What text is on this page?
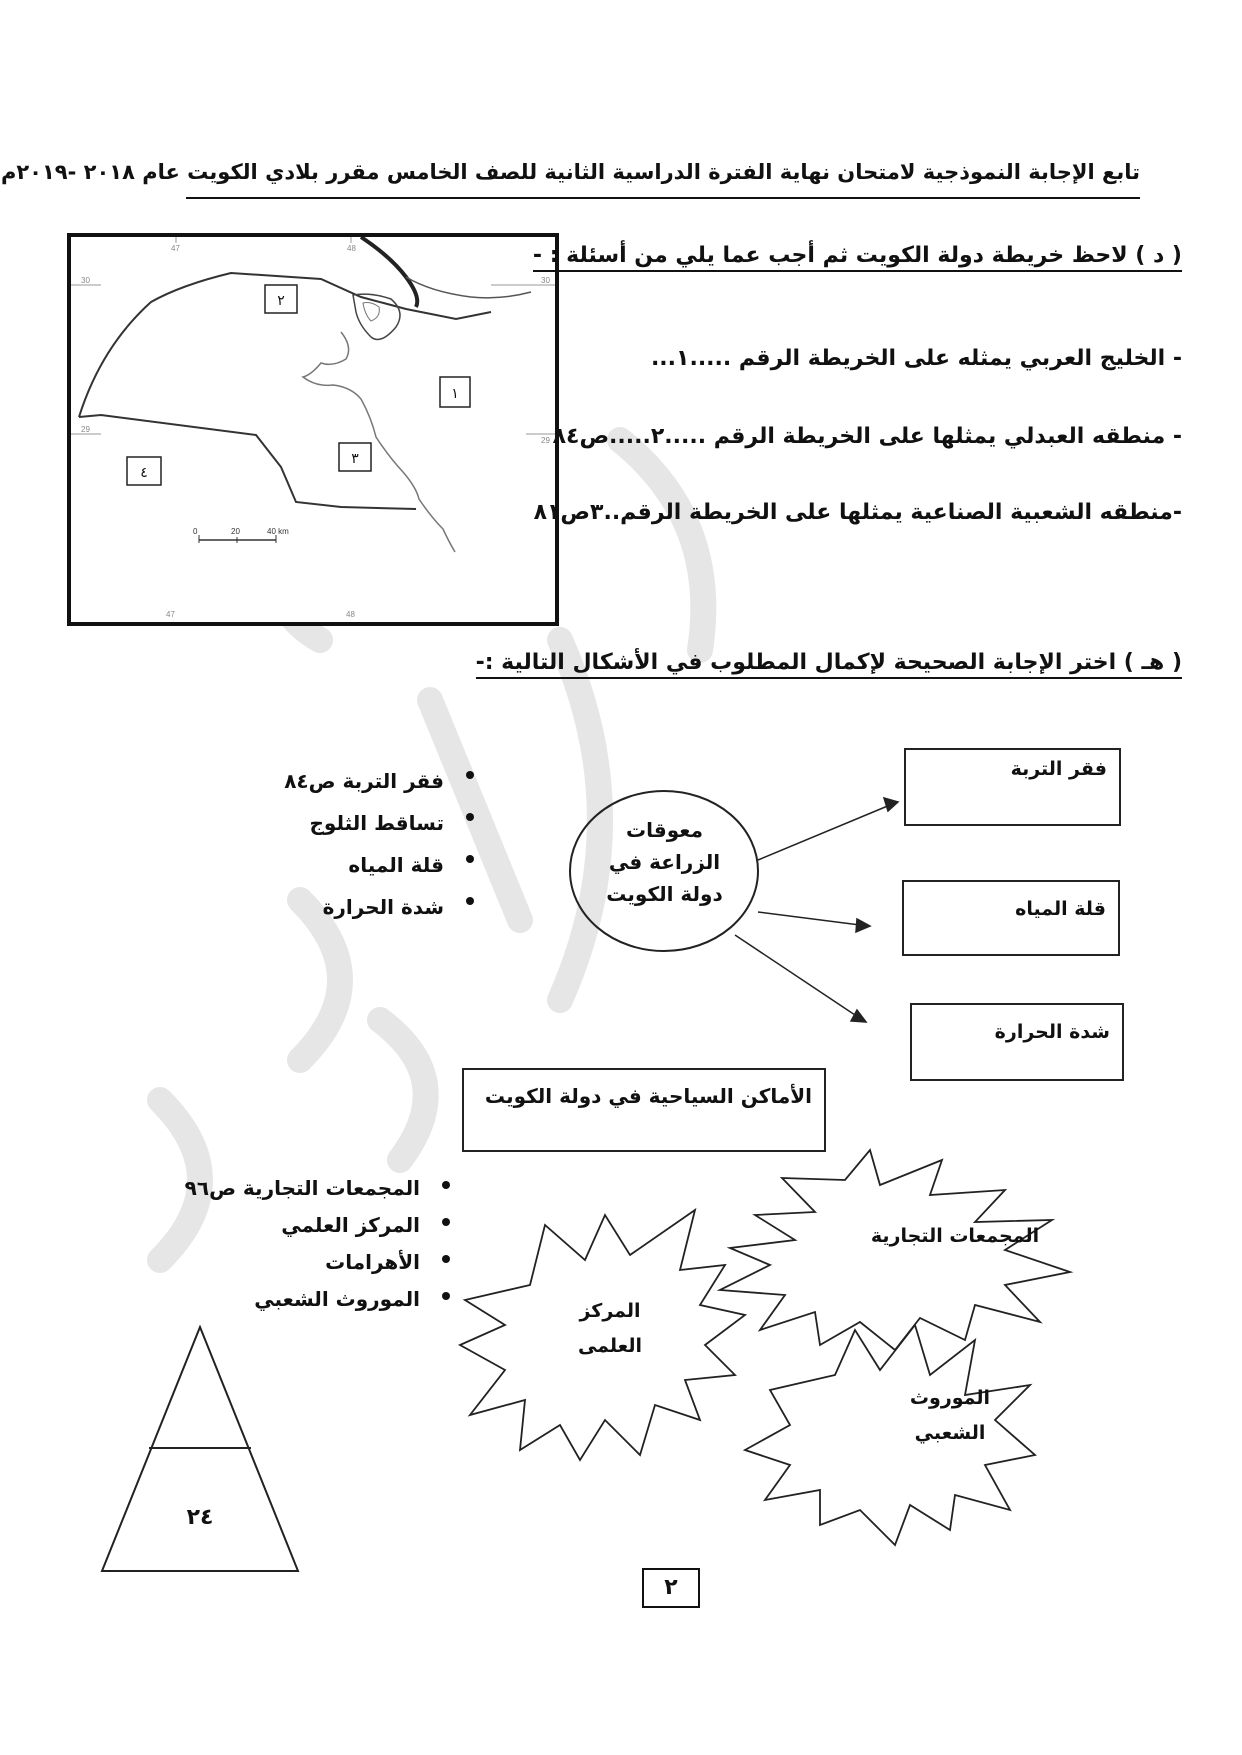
تابع الإجابة النموذجية لامتحان نهاية الفترة الدراسية الثانية للصف الخامس مقرر بلادي الكويت عام ٢٠١٨ -٢٠١٩م
47	48
30	30
29
29
47	48
0	20	40 km
٢
١
٣
٤
( د ) لاحظ خريطة دولة الكويت ثم أجب عما يلي من أسئلة : -
- الخليج العربي يمثله على الخريطة الرقم .....١...
- منطقه العبدلي يمثلها على الخريطة الرقم .....٢.....ص٨٤
-منطقه الشعبية الصناعية يمثلها على الخريطة الرقم..٣ص٨١
( هـ ) اختر الإجابة الصحيحة لإكمال المطلوب في الأشكال التالية :-
فقر التربة ص٨٤
تساقط الثلوج
قلة المياه
شدة الحرارة
معوقات
الزراعة في
دولة الكويت
فقر التربة
قلة المياه
شدة الحرارة
الأماكن السياحية في دولة الكويت
المجمعات التجارية ص٩٦
المركز العلمي
الأهرامات
الموروث الشعبي
المجمعات التجارية
المركز
العلمى
الموروث
الشعبي
٢٤
٢
